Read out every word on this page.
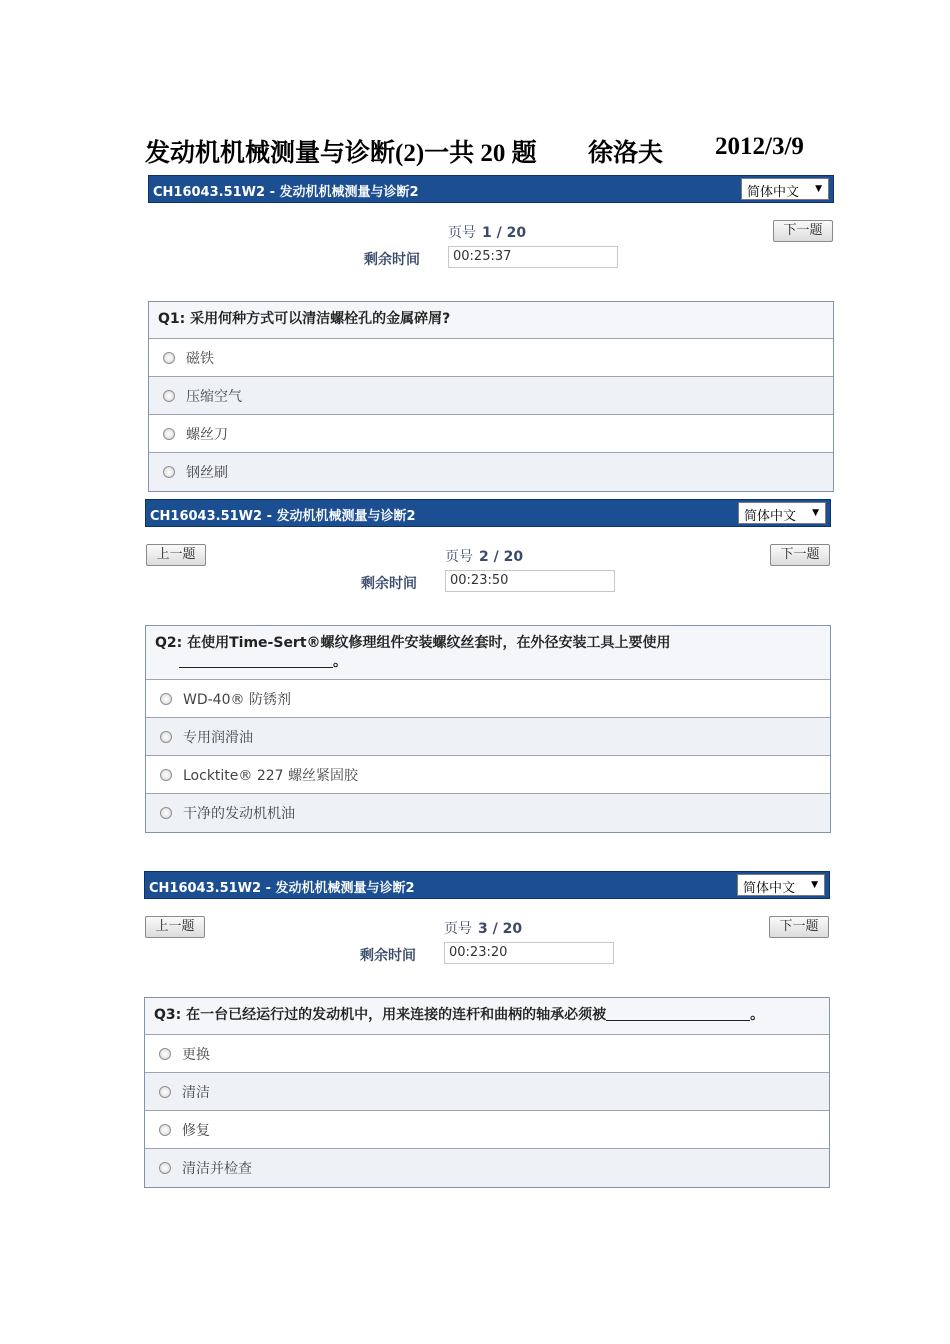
发动机机械测量与诊断(2)一共 20 题 徐洛夫 2012/3/9
CH16043.51W2 - 发动机机械测量与诊断2	简体中文 ▼
下一题
页号 1 / 20
剩余时间	00:25:37
Q1: 采用何种方式可以清洁螺栓孔的金属碎屑?
磁铁
压缩空气
螺丝刀
钢丝刷
CH16043.51W2 - 发动机机械测量与诊断2	简体中文 ▼
上一题	下一题
页号 2 / 20
剩余时间	00:23:50
Q2: 在使用Time-Sert®螺纹修理组件安装螺纹丝套时，在外径安装工具上要使用
。
WD-40® 防锈剂
专用润滑油
Locktite® 227 螺丝紧固胶
干净的发动机机油
CH16043.51W2 - 发动机机械测量与诊断2	简体中文 ▼
上一题	下一题
页号 3 / 20
剩余时间	00:23:20
Q3: 在一台已经运行过的发动机中，用来连接的连杆和曲柄的轴承必须被	。
更换
清洁
修复
清洁并检查
